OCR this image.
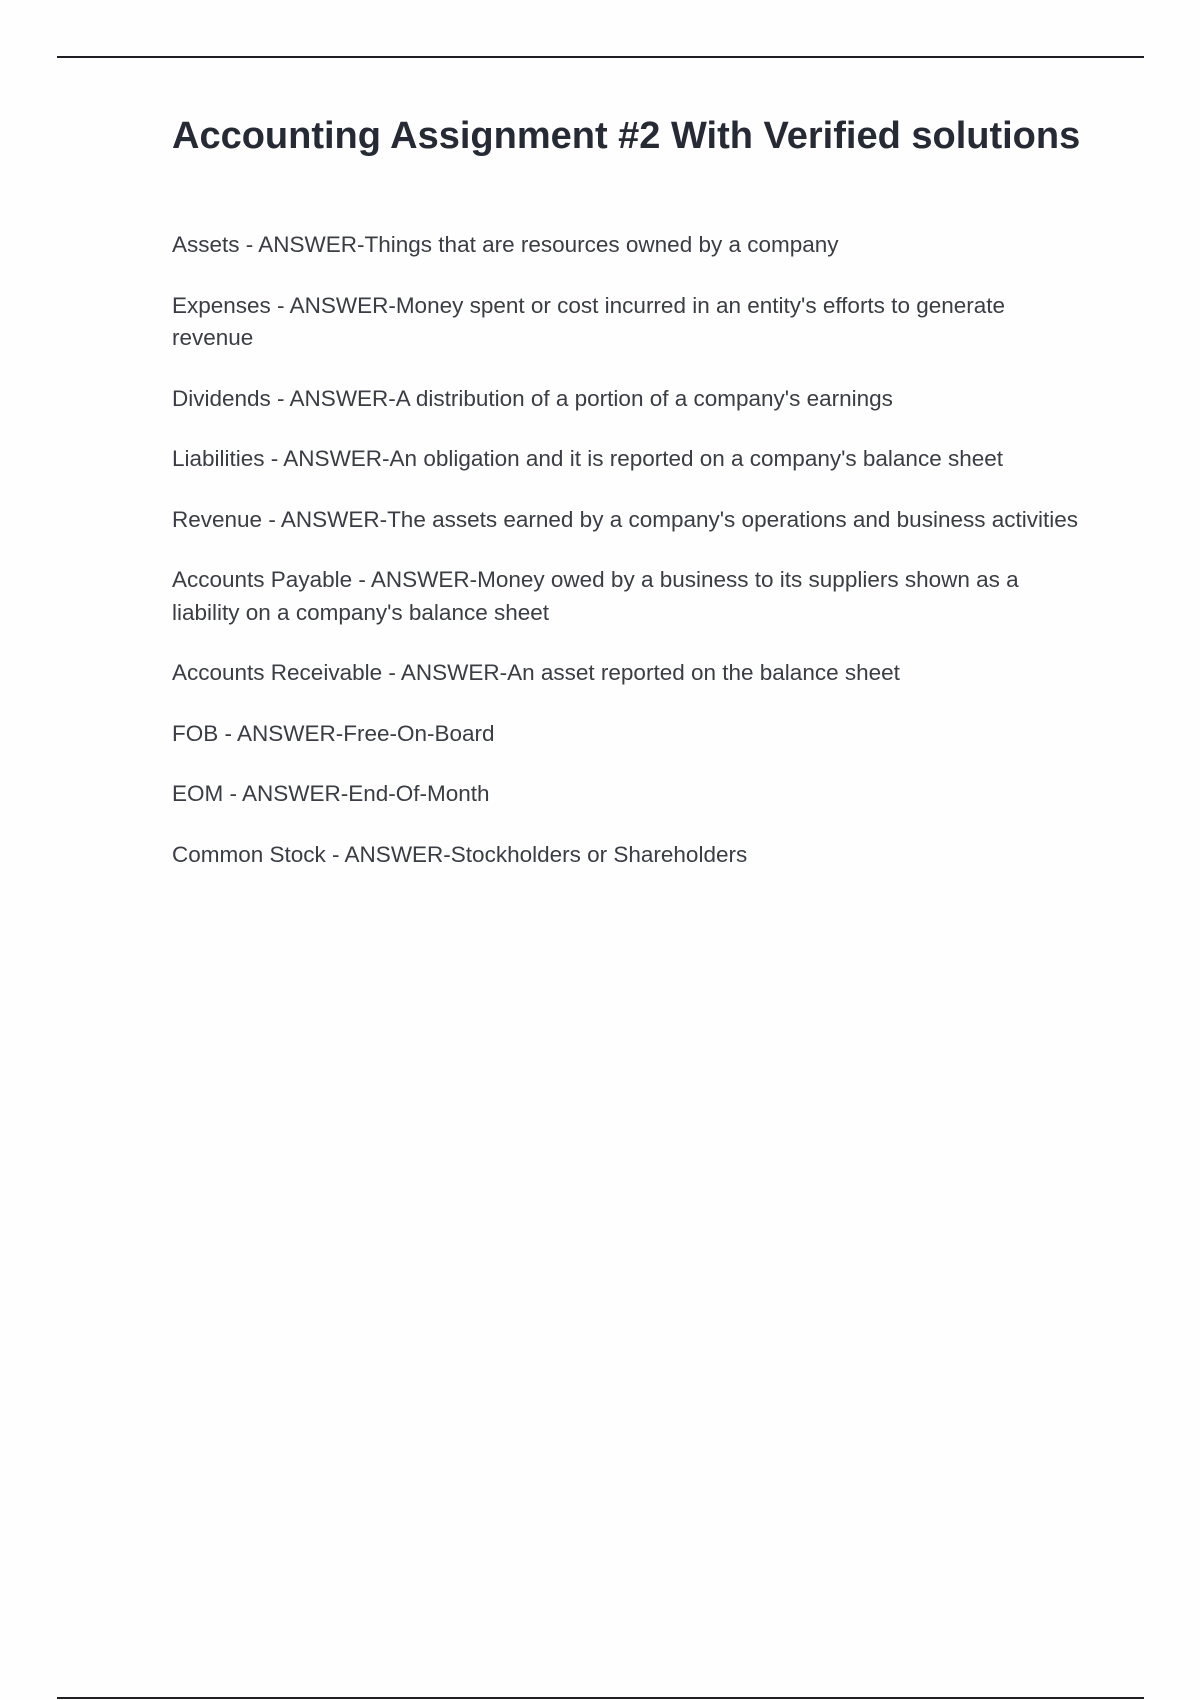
Accounting Assignment #2 With Verified solutions

Assets - ANSWER-Things that are resources owned by a company

Expenses - ANSWER-Money spent or cost incurred in an entity's efforts to generate revenue

Dividends - ANSWER-A distribution of a portion of a company's earnings

Liabilities - ANSWER-An obligation and it is reported on a company's balance sheet

Revenue - ANSWER-The assets earned by a company's operations and business activities

Accounts Payable - ANSWER-Money owed by a business to its suppliers shown as a liability on a company's balance sheet

Accounts Receivable - ANSWER-An asset reported on the balance sheet

FOB - ANSWER-Free-On-Board

EOM - ANSWER-End-Of-Month

Common Stock - ANSWER-Stockholders or Shareholders
